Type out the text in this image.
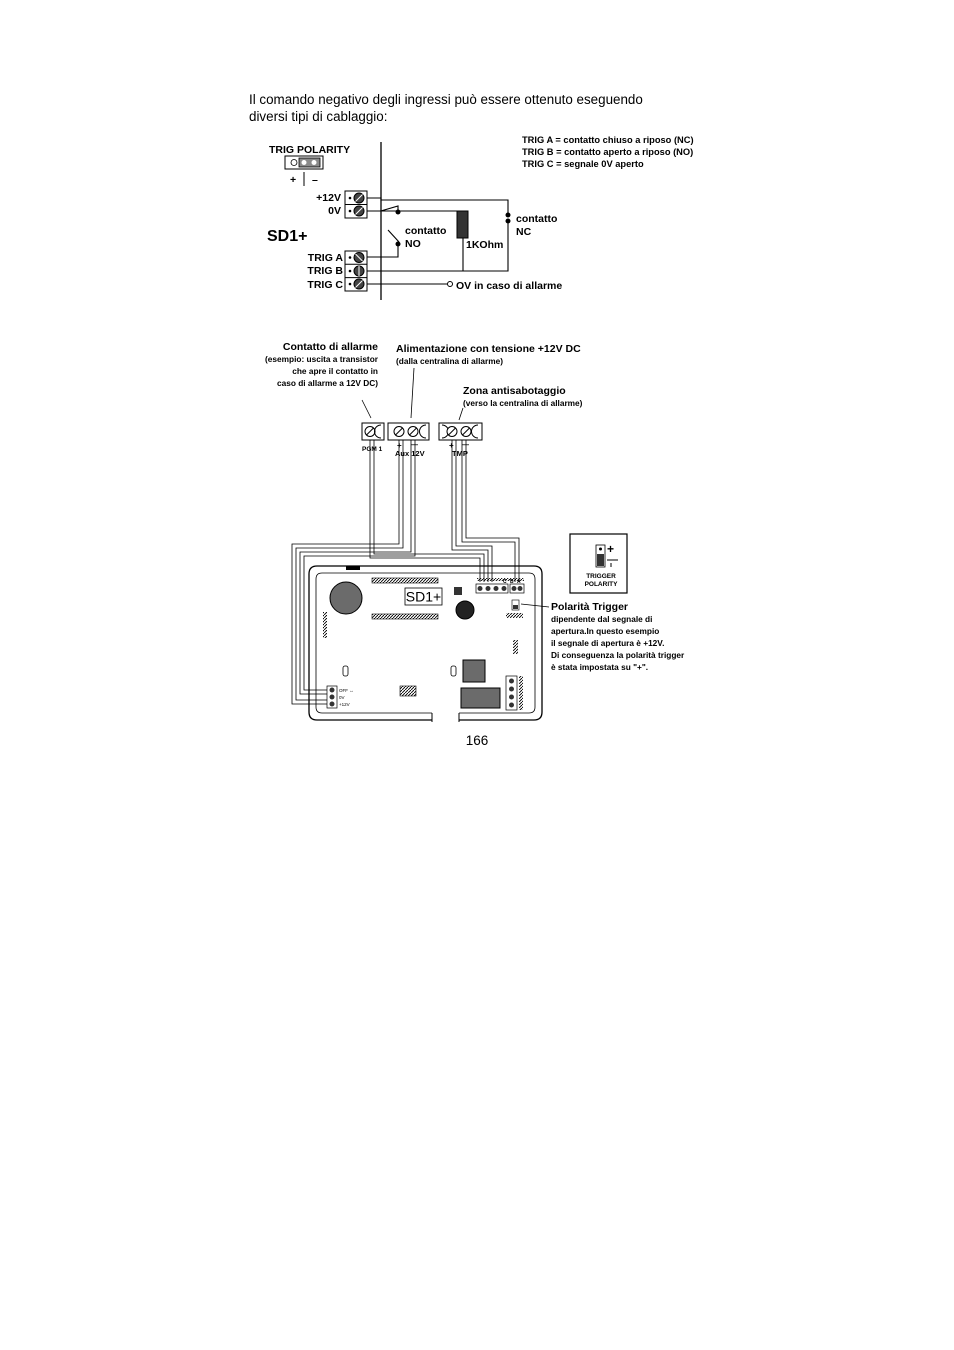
Il comando negativo degli ingressi può essere ottenuto eseguendo
diversi tipi di cablaggio:

TRIG POLARITY
+ –
SD1+
+12V
0V
TRIG A
TRIG B
TRIG C
contatto
NO	1KOhm
contatto
NC
OV in caso di allarme
TRIG A = contatto chiuso a riposo (NC)
TRIG B = contatto aperto a riposo (NO)
TRIG C = segnale 0V aperto
Contatto di allarme
(esempio: uscita a transistor
che apre il contatto in
caso di allarme a 12V DC)
Alimentazione con tensione +12V DC
(dalla centralina di allarme)
Zona antisabotaggio
(verso la centralina di allarme)
PGM 1 + —
Aux 12V
+ —
TMP
SD1+
C B A
OFF ↔
0V
+12V
+
TRIGGER
POLARITY
Polarità Trigger
dipendente dal segnale di
apertura.In questo esempio
il segnale di apertura è +12V.
Di conseguenza la polarità trigger
è stata impostata su "+".
166
